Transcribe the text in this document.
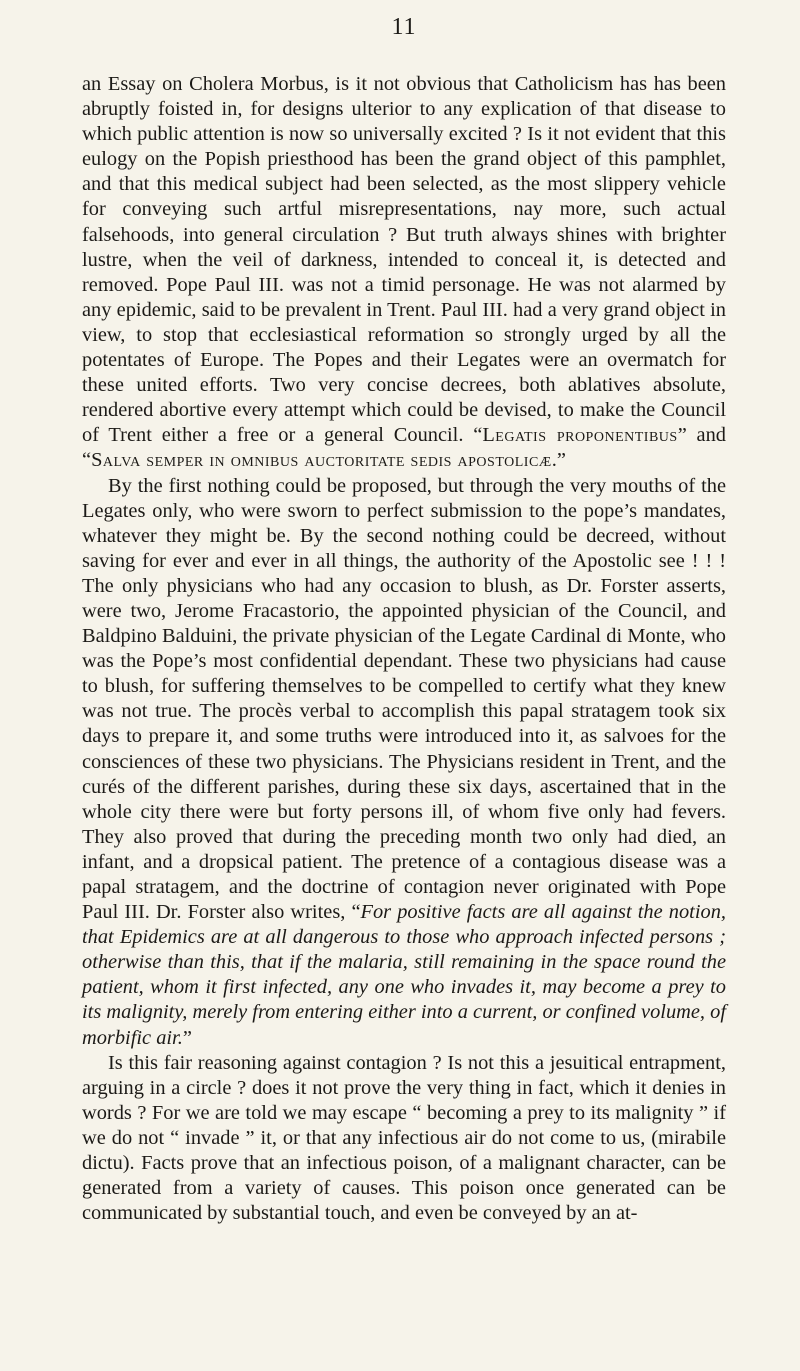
11

an Essay on Cholera Morbus, is it not obvious that Catholicism has has been abruptly foisted in, for designs ulterior to any explication of that disease to which public attention is now so universally excited ? Is it not evident that this eulogy on the Popish priesthood has been the grand object of this pamphlet, and that this medical subject had been selected, as the most slippery vehicle for conveying such artful misrepresentations, nay more, such actual falsehoods, into general circulation ? But truth always shines with brighter lustre, when the veil of darkness, intended to conceal it, is detected and removed. Pope Paul III. was not a timid personage. He was not alarmed by any epidemic, said to be prevalent in Trent. Paul III. had a very grand object in view, to stop that ecclesiastical reformation so strongly urged by all the potentates of Europe. The Popes and their Legates were an overmatch for these united efforts. Two very concise decrees, both ablatives absolute, rendered abortive every attempt which could be devised, to make the Council of Trent either a free or a general Council. “Legatis proponentibus” and “Salva semper in omnibus auctoritate sedis apostolicæ.”

By the first nothing could be proposed, but through the very mouths of the Legates only, who were sworn to perfect submission to the pope’s mandates, whatever they might be. By the second nothing could be decreed, without saving for ever and ever in all things, the authority of the Apostolic see ! ! ! The only physicians who had any occasion to blush, as Dr. Forster asserts, were two, Jerome Fracastorio, the appointed physician of the Council, and Baldpino Balduini, the private physician of the Legate Cardinal di Monte, who was the Pope’s most confidential dependant. These two physicians had cause to blush, for suffering themselves to be compelled to certify what they knew was not true. The procès verbal to accomplish this papal stratagem took six days to prepare it, and some truths were introduced into it, as salvoes for the consciences of these two physicians. The Physicians resident in Trent, and the curés of the different parishes, during these six days, ascertained that in the whole city there were but forty persons ill, of whom five only had fevers. They also proved that during the preceding month two only had died, an infant, and a dropsical patient. The pretence of a contagious disease was a papal stratagem, and the doctrine of contagion never originated with Pope Paul III. Dr. Forster also writes, “For positive facts are all against the notion, that Epidemics are at all dangerous to those who approach infected persons ; otherwise than this, that if the malaria, still remaining in the space round the patient, whom it first infected, any one who invades it, may become a prey to its malignity, merely from entering either into a current, or confined volume, of morbific air.”

Is this fair reasoning against contagion ? Is not this a jesuitical entrapment, arguing in a circle ? does it not prove the very thing in fact, which it denies in words ? For we are told we may escape “ becoming a prey to its malignity ” if we do not “ invade ” it, or that any infectious air do not come to us, (mirabile dictu). Facts prove that an infectious poison, of a malignant character, can be generated from a variety of causes. This poison once generated can be communicated by substantial touch, and even be conveyed by an at-
